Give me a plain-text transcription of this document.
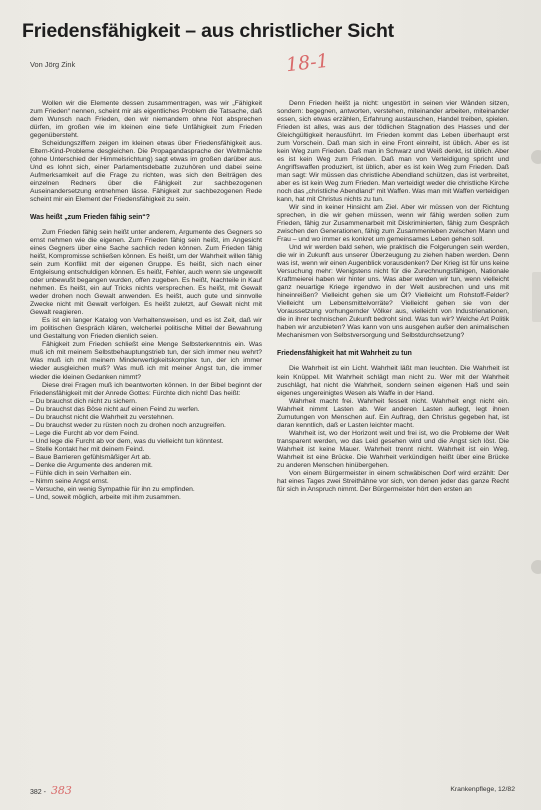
Friedensfähigkeit – aus christlicher Sicht
Von Jörg Zink	18-1

Wollen wir die Elemente dessen zusammentragen, was wir „Fähigkeit zum Frieden“ nennen, scheint mir als eigentliches Problem die Tatsache, daß dem Wunsch nach Frieden, den wir niemandem ohne Not absprechen dürfen, im großen wie im kleinen eine tiefe Unfähigkeit zum Frieden gegenübersteht.

Scheidungsziffern zeigen im kleinen etwas über Friedensfähigkeit aus. Eltern-Kind-Probleme desgleichen. Die Propagandasprache der Weltmächte (ohne Unterschied der Himmelsrichtung) sagt etwas im großen darüber aus. Und es lohnt sich, einer Parlamentsdebatte zuzuhören und dabei seine Aufmerksamkeit auf die Frage zu richten, was sich den Beiträgen des einzelnen Redners über die Fähigkeit zur sachbezogenen Auseinandersetzung entnehmen lässe. Fähigkeit zur sachbezogenen Rede scheint mir ein Element der Friedensfähigkeit zu sein.

Was heißt „zum Frieden fähig sein“?

Zum Frieden fähig sein heißt unter anderem, Argumente des Gegners so ernst nehmen wie die eigenen. Zum Frieden fähig sein heißt, im Angesicht eines Gegners über eine Sache sachlich reden können. Zum Frieden fähig heißt, Kompromisse schließen können. Es heißt, um der Wahrheit willen fähig sein zum Konflikt mit der eigenen Gruppe. Es heißt, sich nach einer Entgleisung entschuldigen können. Es heißt, Fehler, auch wenn sie ungewollt oder unbewußt begangen wurden, offen zugeben. Es heißt, Nachteile in Kauf nehmen. Es heißt, ein auf Tricks nichts versprechen. Es heißt, mit Gewalt weder drohen noch Gewalt anwenden. Es heißt, auch gute und sinnvolle Zwecke nicht mit Gewalt verfolgen. Es heißt zuletzt, auf Gewalt nicht mit Gewalt reagieren.

Es ist ein langer Katalog von Verhaltensweisen, und es ist Zeit, daß wir im politischen Gespräch klären, welcherlei politische Mittel der Bewahrung und Gestaltung von Frieden dienlich seien.

Fähigkeit zum Frieden schließt eine Menge Selbsterkenntnis ein. Was muß ich mit meinem Selbstbehauptungstrieb tun, der sich immer neu wehrt? Was muß ich mit meinem Minderwertigkeitskomplex tun, der ich immer wieder ausgleichen muß? Was muß ich mit meiner Angst tun, die immer wieder die kleinen Gedanken nimmt?

Diese drei Fragen muß ich beantworten können. In der Bibel beginnt der Friedensfähigkeit mit der Anrede Gottes: Fürchte dich nicht! Das heißt:

– Du brauchst dich nicht zu sichern.
– Du brauchst das Böse nicht auf einen Feind zu werfen.
– Du brauchst nicht die Wahrheit zu verstehnen.
– Du brauchst weder zu rüsten noch zu drohen noch anzugreifen.
– Lege die Furcht ab vor dem Feind.
– Und lege die Furcht ab vor dem, was du vielleicht tun könntest.
– Stelle Kontakt her mit deinem Feind.
– Baue Barrieren gefühlsmäßiger Art ab.
– Denke die Argumente des anderen mit.
– Fühle dich in sein Verhalten ein.
– Nimm seine Angst ernst.
– Versuche, ein wenig Sympathie für ihn zu empfinden.
– Und, soweit möglich, arbeite mit ihm zusammen.

Denn Frieden heißt ja nicht: ungestört in seinen vier Wänden sitzen, sondern: begegnen, antworten, verstehen, miteinander arbeiten, miteinander essen, sich etwas erzählen, Erfahrung austauschen, Handel treiben, spielen. Frieden ist alles, was aus der tödlichen Stagnation des Hasses und der Gleichgültigkeit herausführt. Im Frieden kommt das Leben überhaupt erst zum Vorschein. Daß man sich in eine Front einreiht, ist üblich. Aber es ist kein Weg zum Frieden. Daß man in Schwarz und Weiß denkt, ist üblich. Aber es ist kein Weg zum Frieden. Daß man von Verteidigung spricht und Angriffswaffen produziert, ist üblich, aber es ist kein Weg zum Frieden. Daß man sagt: Wir müssen das christliche Abendland schützen, das ist verbreitet, aber es ist kein Weg zum Frieden. Man verteidigt weder die christliche Kirche noch das „christliche Abendland“ mit Waffen. Was man mit Waffen verteidigen kann, hat mit Christus nichts zu tun.

Wir sind in keiner Hinsicht am Ziel. Aber wir müssen von der Richtung sprechen, in die wir gehen müssen, wenn wir fähig werden sollen zum Frieden, fähig zur Zusammenarbeit mit Diskriminierten, fähig zum Gespräch zwischen den Generationen, fähig zum Zusammenleben zwischen Mann und Frau – und wo immer es konkret um gemeinsames Leben gehen soll.

Und wir werden bald sehen, wie praktisch die Folgerungen sein werden, die wir in Zukunft aus unserer Überzeugung zu ziehen haben werden. Denn was ist, wenn wir einen Augenblick vorausdenken? Der Krieg ist für uns keine Versuchung mehr: Wenigstens nicht für die Zurechnungsfähigen, Nationale Kraftmeierei haben wir hinter uns. Was aber werden wir tun, wenn vielleicht ganz neuartige Kriege irgendwo in der Welt ausbrechen und uns mit hineinreißen? Vielleicht gehen sie um Öl? Vielleicht um Rohstoff-Felder? Vielleicht um Lebensmittelvorräte? Vielleicht gehen sie von der Voraussetzung vorhungernder Völker aus, vielleicht von Industrienationen, die in ihrer technischen Zukunft bedroht sind. Was tun wir? Welche Art Politik haben wir anzubieten? Was kann von uns ausgehen außer den animalischen Mechanismen von Selbstversorgung und Selbstdurchsetzung?

Friedensfähigkeit hat mit Wahrheit zu tun

Die Wahrheit ist ein Licht. Wahrheit läßt man leuchten. Die Wahrheit ist kein Knüppel. Mit Wahrheit schlägt man nicht zu. Wer mit der Wahrheit zuschlägt, hat nicht die Wahrheit, sondern seinen eigenen Haß und sein eigenes ungereinigtes Wesen als Waffe in der Hand.

Wahrheit macht frei. Wahrheit fesselt nicht. Wahrheit engt nicht ein. Wahrheit nimmt Lasten ab. Wer anderen Lasten auflegt, legt ihnen Zumutungen von Menschen auf. Ein Auftrag, den Christus gegeben hat, ist daran kenntlich, daß er Lasten leichter macht.

Wahrheit ist, wo der Horizont weit und frei ist, wo die Probleme der Welt transparent werden, wo das Leid gesehen wird und die Angst sich löst. Die Wahrheit ist keine Mauer. Wahrheit trennt nicht. Wahrheit ist ein Weg. Wahrheit ist eine Brücke. Die Wahrheit verkündigen heißt über eine Brücke zu anderen Menschen hinübergehen.

Von einem Bürgermeister in einem schwäbischen Dorf wird erzählt: Der hat eines Tages zwei Streithähne vor sich, von denen jeder das ganze Recht für sich in Anspruch nimmt. Der Bürgermeister hört den ersten an

382 - 383	Krankenpflege, 12/82
